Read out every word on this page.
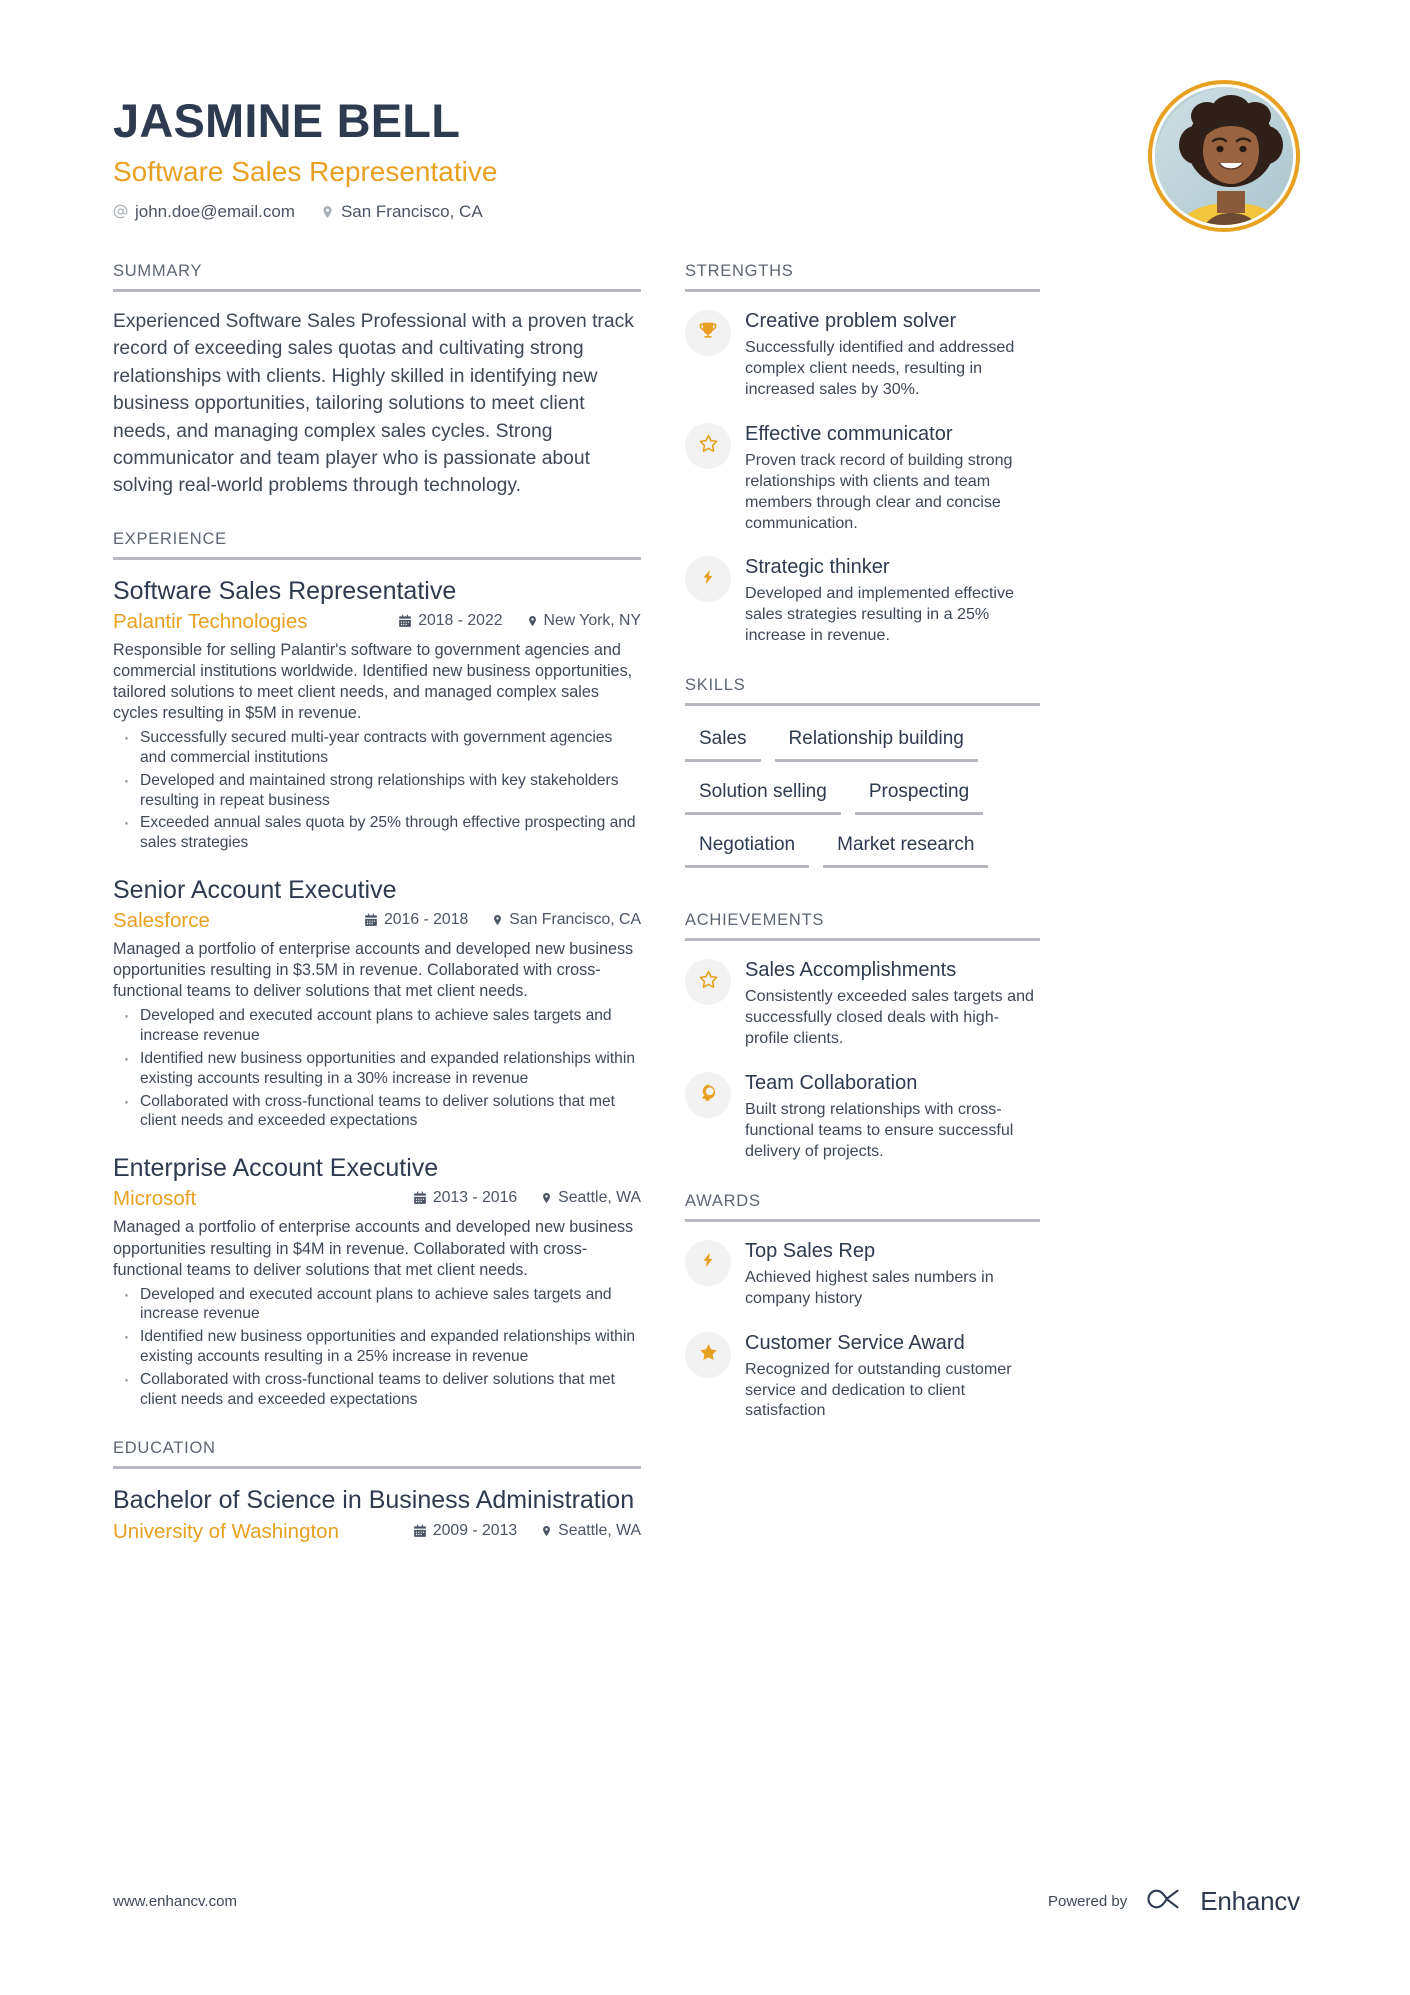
JASMINE BELL
Software Sales Representative
john.doe@email.com	San Francisco, CA
SUMMARY
Experienced Software Sales Professional with a proven track record of exceeding sales quotas and cultivating strong relationships with clients. Highly skilled in identifying new business opportunities, tailoring solutions to meet client needs, and managing complex sales cycles. Strong communicator and team player who is passionate about solving real-world problems through technology.
EXPERIENCE
Software Sales Representative
Palantir Technologies	2018 - 2022	New York, NY
Responsible for selling Palantir's software to government agencies and commercial institutions worldwide. Identified new business opportunities, tailored solutions to meet client needs, and managed complex sales cycles resulting in $5M in revenue.
· Successfully secured multi-year contracts with government agencies and commercial institutions
· Developed and maintained strong relationships with key stakeholders resulting in repeat business
· Exceeded annual sales quota by 25% through effective prospecting and sales strategies
Senior Account Executive
Salesforce	2016 - 2018	San Francisco, CA
Managed a portfolio of enterprise accounts and developed new business opportunities resulting in $3.5M in revenue. Collaborated with cross-functional teams to deliver solutions that met client needs.
· Developed and executed account plans to achieve sales targets and increase revenue
· Identified new business opportunities and expanded relationships within existing accounts resulting in a 30% increase in revenue
· Collaborated with cross-functional teams to deliver solutions that met client needs and exceeded expectations
Enterprise Account Executive
Microsoft	2013 - 2016	Seattle, WA
Managed a portfolio of enterprise accounts and developed new business opportunities resulting in $4M in revenue. Collaborated with cross-functional teams to deliver solutions that met client needs.
· Developed and executed account plans to achieve sales targets and increase revenue
· Identified new business opportunities and expanded relationships within existing accounts resulting in a 25% increase in revenue
· Collaborated with cross-functional teams to deliver solutions that met client needs and exceeded expectations
EDUCATION
Bachelor of Science in Business Administration
University of Washington	2009 - 2013	Seattle, WA
STRENGTHS
Creative problem solver
Successfully identified and addressed complex client needs, resulting in increased sales by 30%.
Effective communicator
Proven track record of building strong relationships with clients and team members through clear and concise communication.
Strategic thinker
Developed and implemented effective sales strategies resulting in a 25% increase in revenue.
SKILLS
Sales	Relationship building
Solution selling	Prospecting
Negotiation	Market research
ACHIEVEMENTS
Sales Accomplishments
Consistently exceeded sales targets and successfully closed deals with high-profile clients.
Team Collaboration
Built strong relationships with cross-functional teams to ensure successful delivery of projects.
AWARDS
Top Sales Rep
Achieved highest sales numbers in company history
Customer Service Award
Recognized for outstanding customer service and dedication to client satisfaction
www.enhancv.com	Powered by	Enhancv
